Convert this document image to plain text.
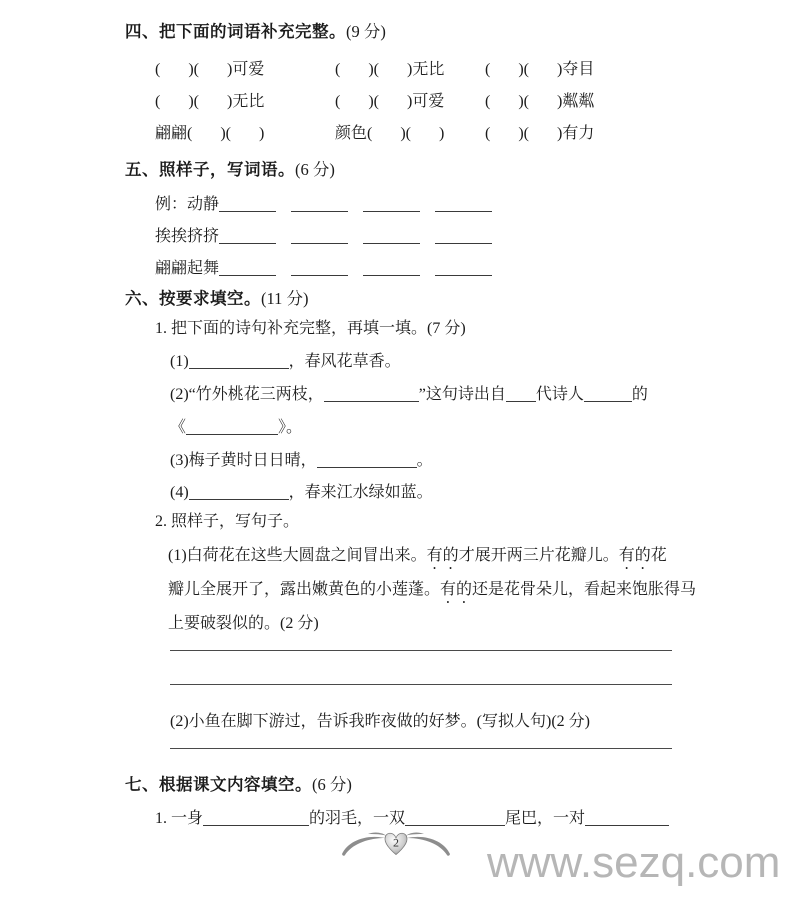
四、把下面的词语补充完整。(9 分)
(       )(       )可爱	(       )(       )无比	(       )(       )夺目
(       )(       )无比	(       )(       )可爱	(       )(       )粼粼
翩翩(       )(       )	颜色(       )(       )	(       )(       )有力
五、照样子，写词语。(6 分)
例：动静
挨挨挤挤
翩翩起舞
六、按要求填空。(11 分)
1. 把下面的诗句补充完整，再填一填。(7 分)
(1)	，春风花草香。
(2)“竹外桃花三两枝，	”这句诗出自 代诗人	的
《	》。
(3)梅子黄时日日晴，	。
(4)	，春来江水绿如蓝。
2. 照样子，写句子。
(1)白荷花在这些大圆盘之间冒出来。有的才展开两三片花瓣儿。有的花
瓣儿全展开了，露出嫩黄色的小莲蓬。有的还是花骨朵儿，看起来饱胀得马
上要破裂似的。(2 分)
(2)小鱼在脚下游过，告诉我昨夜做的好梦。(写拟人句)(2 分)
七、根据课文内容填空。(6 分)
1. 一身	的羽毛，一双	尾巴，一对
2 www.sezq.com
